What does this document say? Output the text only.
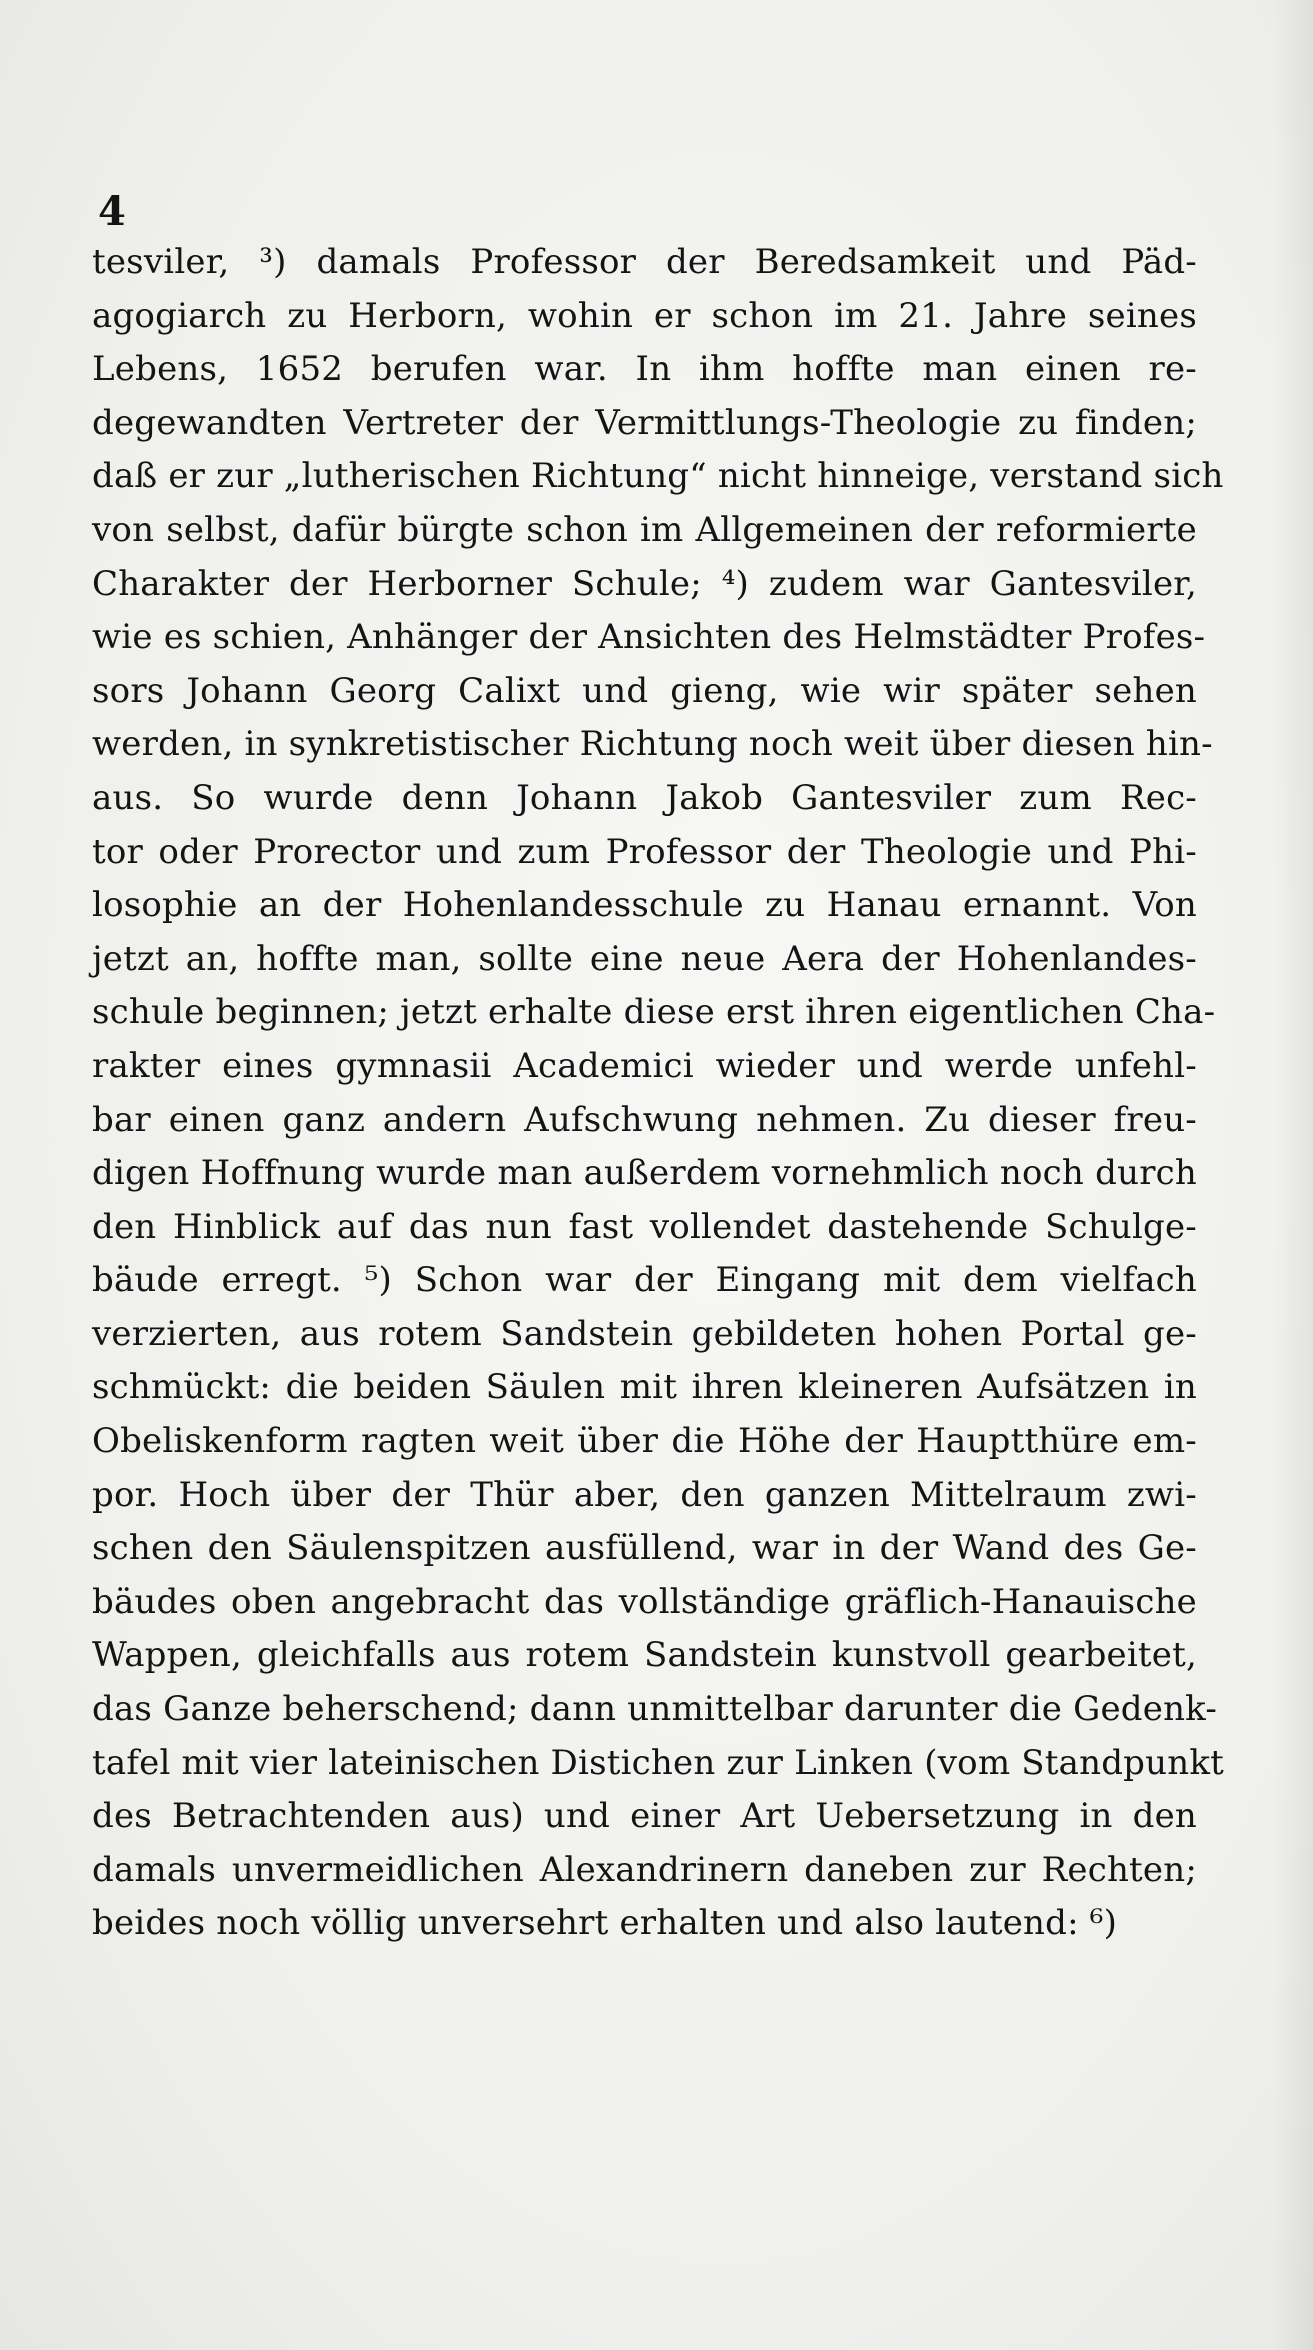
4
tesviler, ³) damals Professor der Beredsamkeit und Päd-
agogiarch zu Herborn, wohin er schon im 21. Jahre seines
Lebens, 1652 berufen war. In ihm hoffte man einen re-
degewandten Vertreter der Vermittlungs-Theologie zu finden;
daß er zur „lutherischen Richtung“ nicht hinneige, verstand sich
von selbst, dafür bürgte schon im Allgemeinen der reformierte
Charakter der Herborner Schule; ⁴) zudem war Gantesviler,
wie es schien, Anhänger der Ansichten des Helmstädter Profes-
sors Johann Georg Calixt und gieng, wie wir später sehen
werden, in synkretistischer Richtung noch weit über diesen hin-
aus. So wurde denn Johann Jakob Gantesviler zum Rec-
tor oder Prorector und zum Professor der Theologie und Phi-
losophie an der Hohenlandesschule zu Hanau ernannt. Von
jetzt an, hoffte man, sollte eine neue Aera der Hohenlandes-
schule beginnen; jetzt erhalte diese erst ihren eigentlichen Cha-
rakter eines gymnasii Academici wieder und werde unfehl-
bar einen ganz andern Aufschwung nehmen. Zu dieser freu-
digen Hoffnung wurde man außerdem vornehmlich noch durch
den Hinblick auf das nun fast vollendet dastehende Schulge-
bäude erregt. ⁵) Schon war der Eingang mit dem vielfach
verzierten, aus rotem Sandstein gebildeten hohen Portal ge-
schmückt: die beiden Säulen mit ihren kleineren Aufsätzen in
Obeliskenform ragten weit über die Höhe der Hauptthüre em-
por. Hoch über der Thür aber, den ganzen Mittelraum zwi-
schen den Säulenspitzen ausfüllend, war in der Wand des Ge-
bäudes oben angebracht das vollständige gräflich-Hanauische
Wappen, gleichfalls aus rotem Sandstein kunstvoll gearbeitet,
das Ganze beherschend; dann unmittelbar darunter die Gedenk-
tafel mit vier lateinischen Distichen zur Linken (vom Standpunkt
des Betrachtenden aus) und einer Art Uebersetzung in den
damals unvermeidlichen Alexandrinern daneben zur Rechten;
beides noch völlig unversehrt erhalten und also lautend: ⁶)
